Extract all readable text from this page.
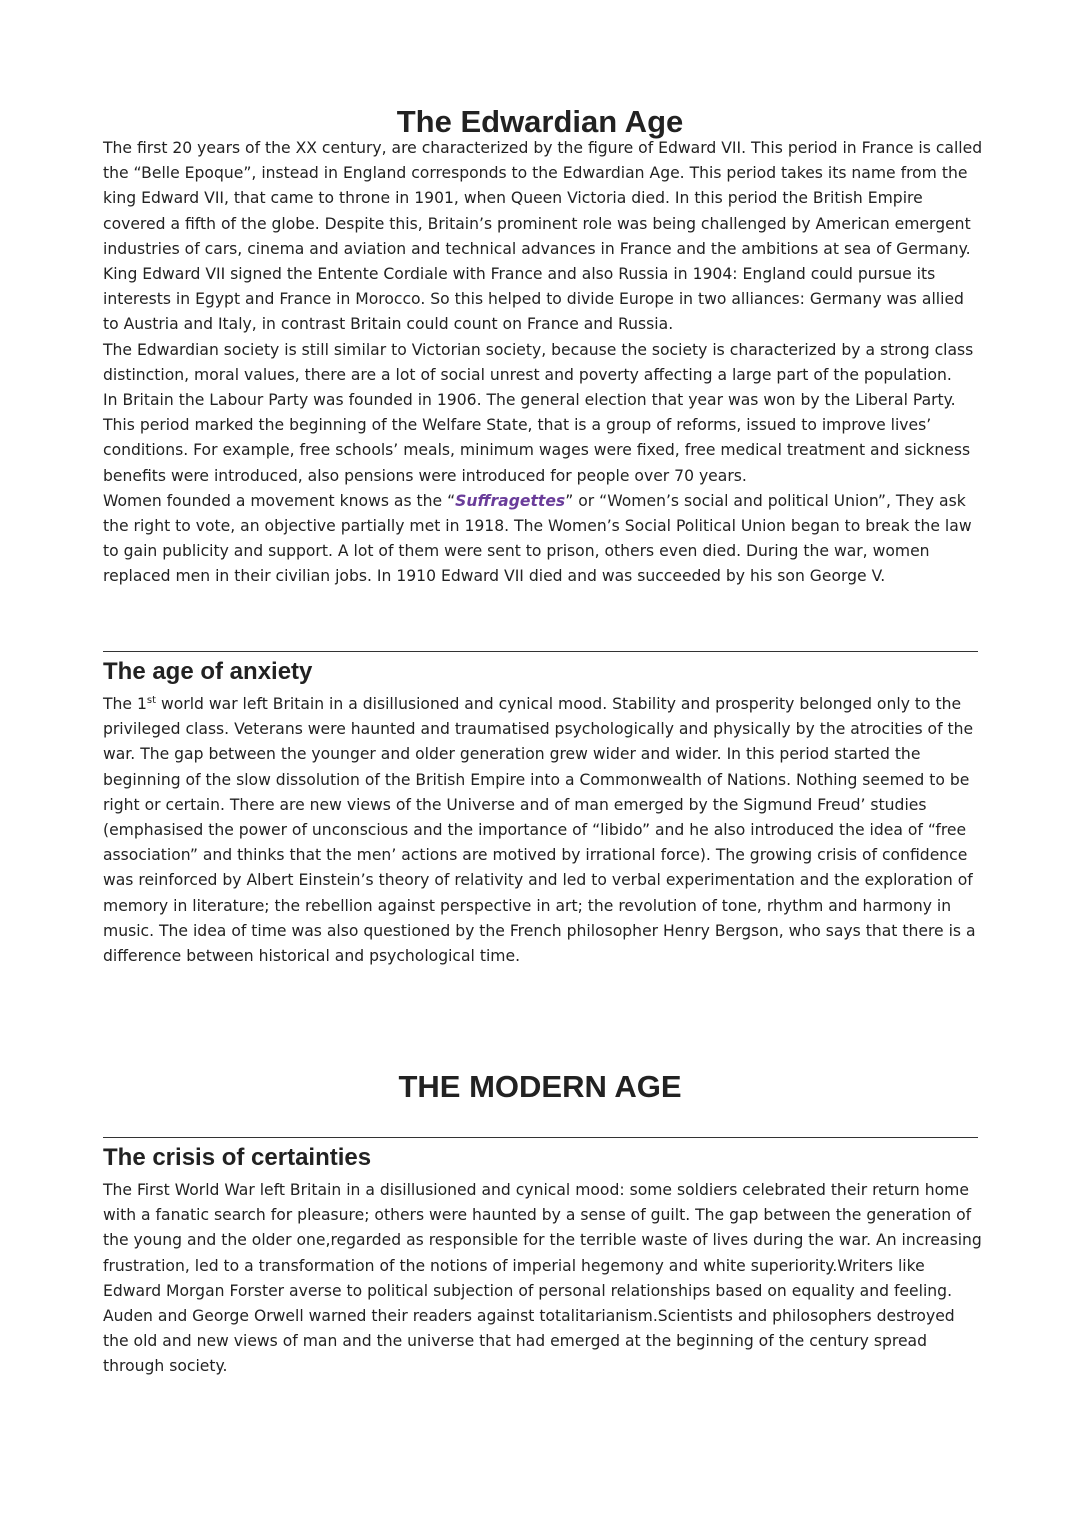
The Edwardian Age

The first 20 years of the XX century, are characterized by the figure of Edward VII. This period in France is called the “Belle Epoque”, instead in England corresponds to the Edwardian Age. This period takes its name from the king Edward VII, that came to throne in 1901, when Queen Victoria died. In this period the British Empire covered a fifth of the globe. Despite this, Britain’s prominent role was being challenged by American emergent industries of cars, cinema and aviation and technical advances in France and the ambitions at sea of Germany. King Edward VII signed the Entente Cordiale with France and also Russia in 1904: England could pursue its interests in Egypt and France in Morocco. So this helped to divide Europe in two alliances: Germany was allied to Austria and Italy, in contrast Britain could count on France and Russia.

The Edwardian society is still similar to Victorian society, because the society is characterized by a strong class distinction, moral values, there are a lot of social unrest and poverty affecting a large part of the population.

In Britain the Labour Party was founded in 1906. The general election that year was won by the Liberal Party. This period marked the beginning of the Welfare State, that is a group of reforms, issued to improve lives’ conditions. For example, free schools’ meals, minimum wages were fixed, free medical treatment and sickness benefits were introduced, also pensions were introduced for people over 70 years.

Women founded a movement knows as the “Suffragettes” or “Women’s social and political Union”, They ask the right to vote, an objective partially met in 1918. The Women’s Social Political Union began to break the law to gain publicity and support. A lot of them were sent to prison, others even died. During the war, women replaced men in their civilian jobs. In 1910 Edward VII died and was succeeded by his son George V.

The age of anxiety

The 1st world war left Britain in a disillusioned and cynical mood. Stability and prosperity belonged only to the privileged class. Veterans were haunted and traumatised psychologically and physically by the atrocities of the war. The gap between the younger and older generation grew wider and wider. In this period started the beginning of the slow dissolution of the British Empire into a Commonwealth of Nations. Nothing seemed to be right or certain. There are new views of the Universe and of man emerged by the Sigmund Freud’ studies (emphasised the power of unconscious and the importance of “libido” and he also introduced the idea of “free association” and thinks that the men’ actions are motived by irrational force). The growing crisis of confidence was reinforced by Albert Einstein’s theory of relativity and led to verbal experimentation and the exploration of memory in literature; the rebellion against perspective in art; the revolution of tone, rhythm and harmony in music. The idea of time was also questioned by the French philosopher Henry Bergson, who says that there is a difference between historical and psychological time.

THE MODERN AGE
The crisis of certainties

The First World War left Britain in a disillusioned and cynical mood: some soldiers celebrated their return home with a fanatic search for pleasure; others were haunted by a sense of guilt. The gap between the generation of the young and the older one,regarded as responsible for the terrible waste of lives during the war. An increasing frustration, led to a transformation of the notions of imperial hegemony and white superiority.Writers like Edward Morgan Forster averse to political subjection of personal relationships based on equality and feeling. Auden and George Orwell warned their readers against totalitarianism.Scientists and philosophers destroyed the old and new views of man and the universe that had emerged at the beginning of the century spread through society.
